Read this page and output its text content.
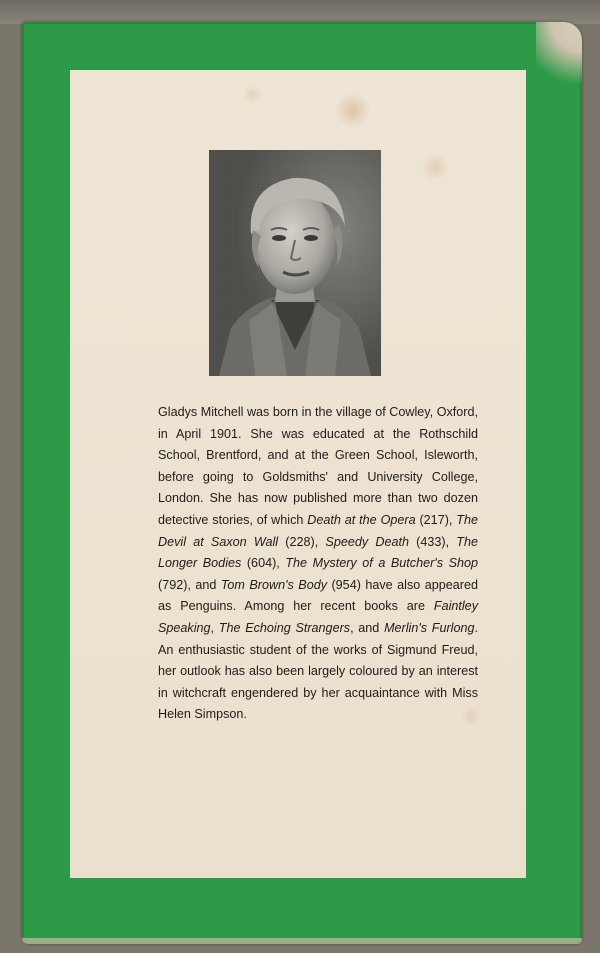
Gladys Mitchell was born in the village of Cowley, Oxford, in April 1901. She was educated at the Rothschild School, Brentford, and at the Green School, Isleworth, before going to Goldsmiths' and University College, London. She has now published more than two dozen detective stories, of which Death at the Opera (217), The Devil at Saxon Wall (228), Speedy Death (433), The Longer Bodies (604), The Mystery of a Butcher's Shop (792), and Tom Brown's Body (954) have also appeared as Penguins. Among her recent books are Faintley Speaking, The Echoing Strangers, and Merlin's Furlong. An enthusiastic student of the works of Sigmund Freud, her outlook has also been largely coloured by an interest in witchcraft engendered by her acquaintance with Miss Helen Simpson.
